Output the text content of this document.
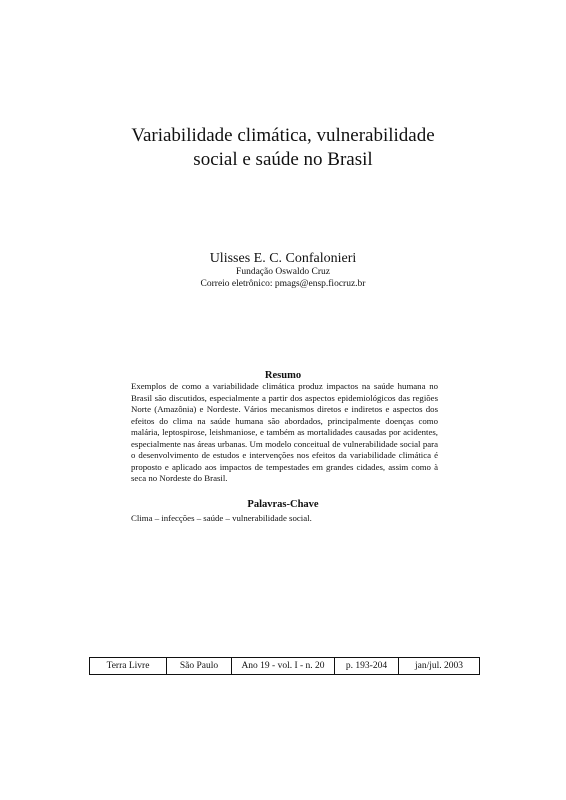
Variabilidade climática, vulnerabilidade
social e saúde no Brasil
Ulisses E. C. Confalonieri
Fundação Oswaldo Cruz
Correio eletrônico: pmags@ensp.fiocruz.br
Resumo
Exemplos de como a variabilidade climática produz impactos na saúde humana no Brasil são discutidos, especialmente a partir dos aspectos epidemiológicos das regiões Norte (Amazônia) e Nordeste. Vários mecanismos diretos e indiretos e aspectos dos efeitos do clima na saúde humana são abordados, principalmente doenças como malária, leptospirose, leishmaniose, e também as mortalidades causadas por acidentes, especialmente nas áreas urbanas. Um modelo conceitual de vulnerabilidade social para o desenvolvimento de estudos e intervenções nos efeitos da variabilidade climática é proposto e aplicado aos impactos de tempestades em grandes cidades, assim como à seca no Nordeste do Brasil.
Palavras-Chave
Clima – infecções – saúde – vulnerabilidade social.
Terra Livre	São Paulo	Ano 19 - vol. I - n. 20	p. 193-204	jan/jul. 2003
